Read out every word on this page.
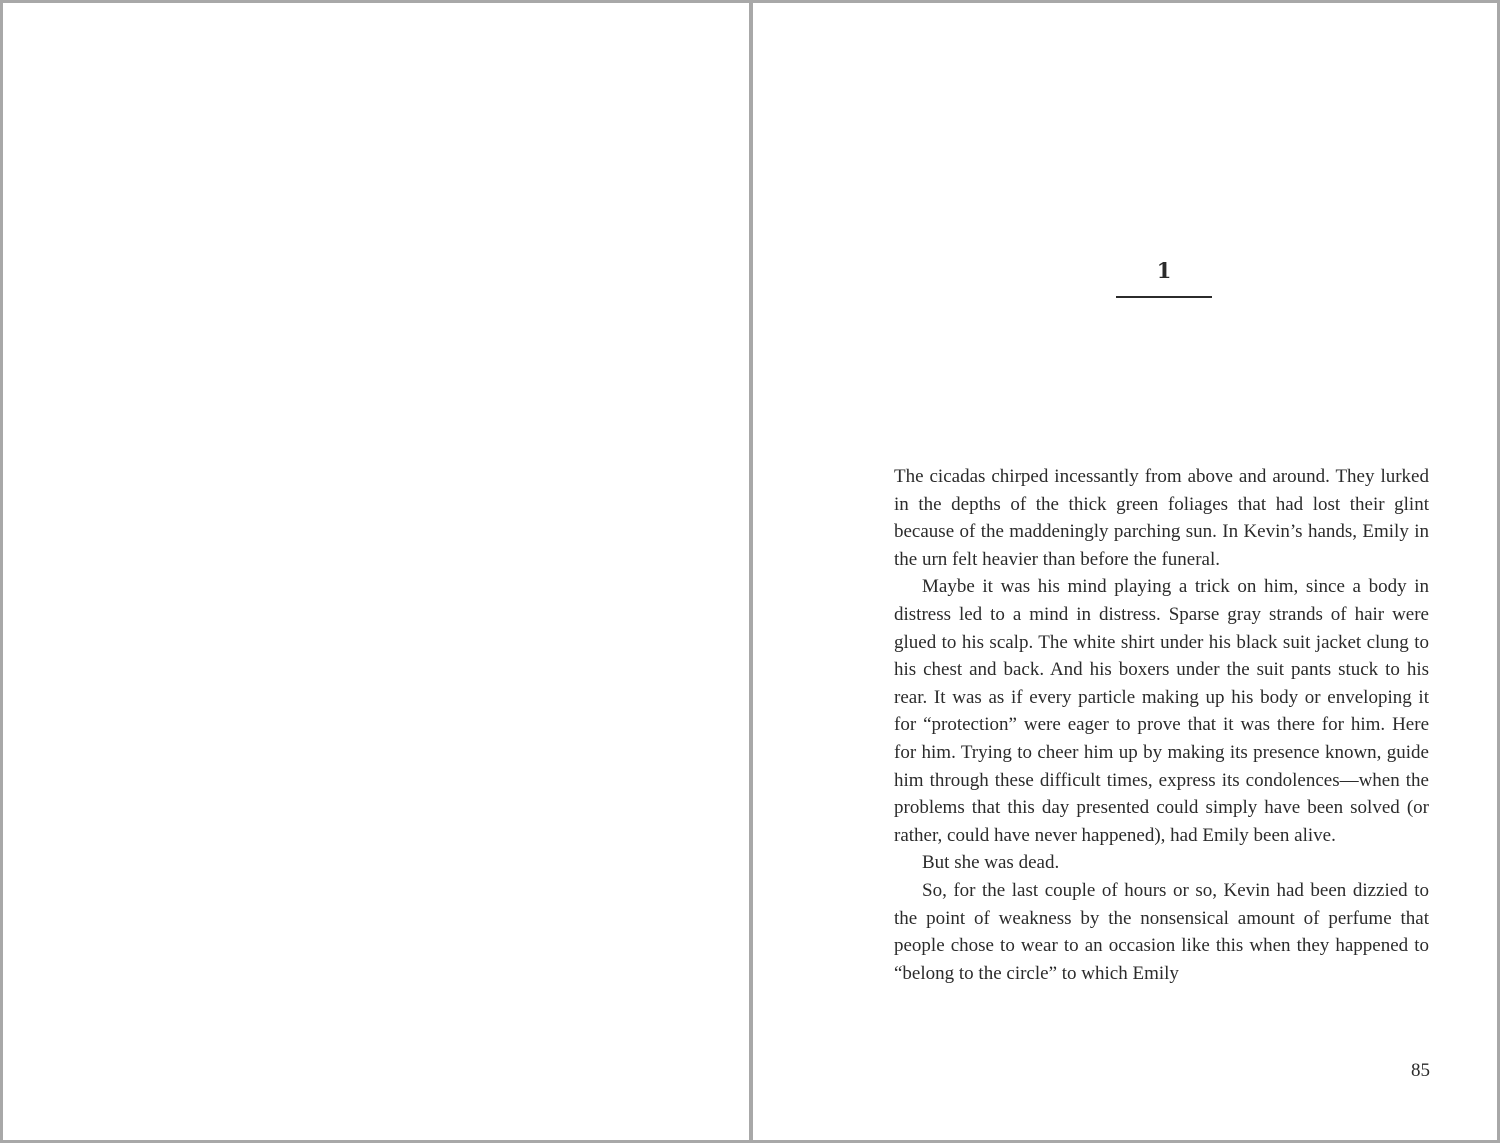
1

The cicadas chirped incessantly from above and around. They lurked in the depths of the thick green foliages that had lost their glint because of the maddeningly parching sun. In Kevin’s hands, Emily in the urn felt heavier than before the funeral.

Maybe it was his mind playing a trick on him, since a body in distress led to a mind in distress. Sparse gray strands of hair were glued to his scalp. The white shirt under his black suit jacket clung to his chest and back. And his boxers under the suit pants stuck to his rear. It was as if every particle making up his body or enveloping it for “protection” were eager to prove that it was there for him. Here for him. Trying to cheer him up by making its presence known, guide him through these difficult times, express its condolences—when the problems that this day presented could simply have been solved (or rather, could have never happened), had Emily been alive.

But she was dead.

So, for the last couple of hours or so, Kevin had been dizzied to the point of weakness by the nonsensical amount of perfume that people chose to wear to an occasion like this when they happened to “belong to the circle” to which Emily

85
